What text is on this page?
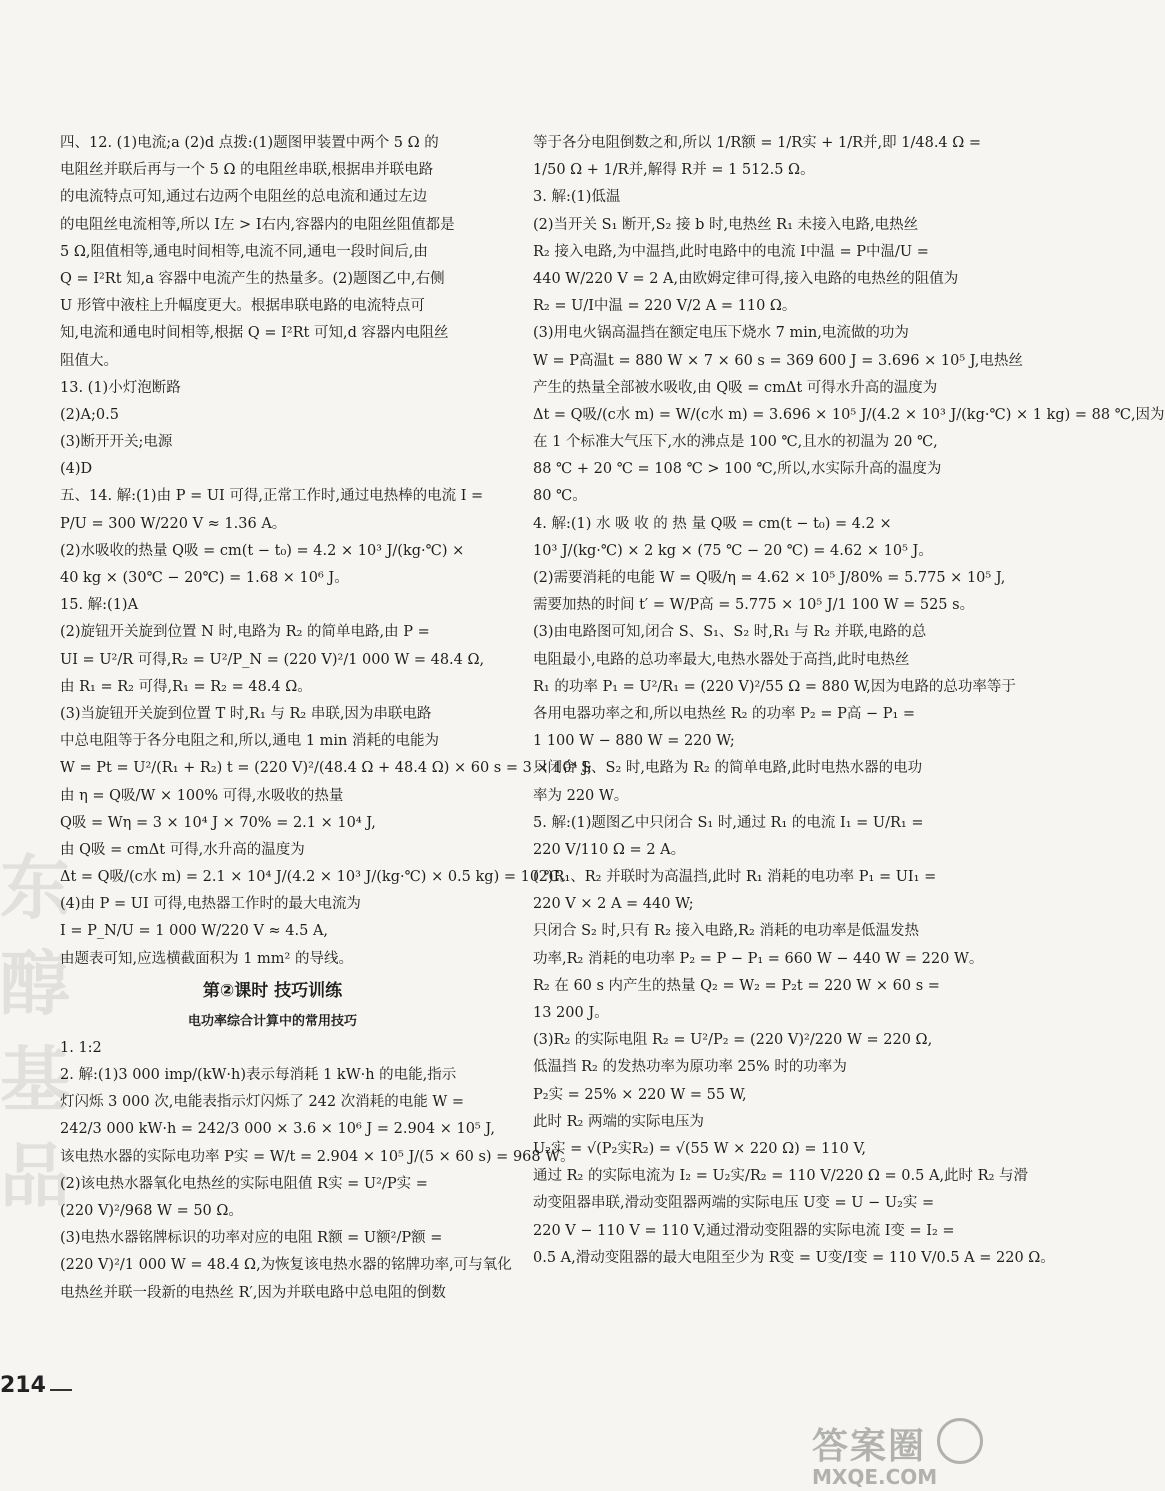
东
醇
基
品
四、12. (1)电流;a (2)d 点拨:(1)题图甲装置中两个 5 Ω 的
电阻丝并联后再与一个 5 Ω 的电阻丝串联,根据串并联电路
的电流特点可知,通过右边两个电阻丝的总电流和通过左边
的电阻丝电流相等,所以 I左 > I右内,容器内的电阻丝阻值都是
5 Ω,阻值相等,通电时间相等,电流不同,通电一段时间后,由
Q = I²Rt 知,a 容器中电流产生的热量多。(2)题图乙中,右侧
U 形管中液柱上升幅度更大。根据串联电路的电流特点可
知,电流和通电时间相等,根据 Q = I²Rt 可知,d 容器内电阻丝
阻值大。
13. (1)小灯泡断路
(2)A;0.5
(3)断开开关;电源
(4)D
五、14. 解:(1)由 P = UI 可得,正常工作时,通过电热棒的电流 I =
P/U = 300 W/220 V ≈ 1.36 A。
(2)水吸收的热量 Q吸 = cm(t − t₀) = 4.2 × 10³ J/(kg·℃) ×
40 kg × (30℃ − 20℃) = 1.68 × 10⁶ J。
15. 解:(1)A
(2)旋钮开关旋到位置 N 时,电路为 R₂ 的简单电路,由 P =
UI = U²/R 可得,R₂ = U²/P_N = (220 V)²/1 000 W = 48.4 Ω,
由 R₁ = R₂ 可得,R₁ = R₂ = 48.4 Ω。
(3)当旋钮开关旋到位置 T 时,R₁ 与 R₂ 串联,因为串联电路
中总电阻等于各分电阻之和,所以,通电 1 min 消耗的电能为
W = Pt = U²/(R₁ + R₂) t = (220 V)²/(48.4 Ω + 48.4 Ω) × 60 s = 3 × 10⁴ J;
由 η = Q吸/W × 100% 可得,水吸收的热量
Q吸 = Wη = 3 × 10⁴ J × 70% = 2.1 × 10⁴ J,
由 Q吸 = cmΔt 可得,水升高的温度为
Δt = Q吸/(c水 m) = 2.1 × 10⁴ J/(4.2 × 10³ J/(kg·℃) × 0.5 kg) = 10 ℃。
(4)由 P = UI 可得,电热器工作时的最大电流为
I = P_N/U = 1 000 W/220 V ≈ 4.5 A,
由题表可知,应选横截面积为 1 mm² 的导线。
第②课时 技巧训练
电功率综合计算中的常用技巧
1. 1:2
2. 解:(1)3 000 imp/(kW·h)表示每消耗 1 kW·h 的电能,指示
灯闪烁 3 000 次,电能表指示灯闪烁了 242 次消耗的电能 W =
242/3 000 kW·h = 242/3 000 × 3.6 × 10⁶ J = 2.904 × 10⁵ J,
该电热水器的实际电功率 P实 = W/t = 2.904 × 10⁵ J/(5 × 60 s) = 968 W。
(2)该电热水器氧化电热丝的实际电阻值 R实 = U²/P实 =
(220 V)²/968 W = 50 Ω。
(3)电热水器铭牌标识的功率对应的电阻 R额 = U额²/P额 =
(220 V)²/1 000 W = 48.4 Ω,为恢复该电热水器的铭牌功率,可与氧化
电热丝并联一段新的电热丝 R′,因为并联电路中总电阻的倒数
等于各分电阻倒数之和,所以 1/R额 = 1/R实 + 1/R并,即 1/48.4 Ω =
1/50 Ω + 1/R并,解得 R并 = 1 512.5 Ω。
3. 解:(1)低温
(2)当开关 S₁ 断开,S₂ 接 b 时,电热丝 R₁ 未接入电路,电热丝
R₂ 接入电路,为中温挡,此时电路中的电流 I中温 = P中温/U =
440 W/220 V = 2 A,由欧姆定律可得,接入电路的电热丝的阻值为
R₂ = U/I中温 = 220 V/2 A = 110 Ω。
(3)用电火锅高温挡在额定电压下烧水 7 min,电流做的功为
W = P高温t = 880 W × 7 × 60 s = 369 600 J = 3.696 × 10⁵ J,电热丝
产生的热量全部被水吸收,由 Q吸 = cmΔt 可得水升高的温度为
Δt = Q吸/(c水 m) = W/(c水 m) = 3.696 × 10⁵ J/(4.2 × 10³ J/(kg·℃) × 1 kg) = 88 ℃,因为
在 1 个标准大气压下,水的沸点是 100 ℃,且水的初温为 20 ℃,
88 ℃ + 20 ℃ = 108 ℃ > 100 ℃,所以,水实际升高的温度为
80 ℃。
4. 解:(1) 水 吸 收 的 热 量 Q吸 = cm(t − t₀) = 4.2 ×
10³ J/(kg·℃) × 2 kg × (75 ℃ − 20 ℃) = 4.62 × 10⁵ J。
(2)需要消耗的电能 W = Q吸/η = 4.62 × 10⁵ J/80% = 5.775 × 10⁵ J,
需要加热的时间 t′ = W/P高 = 5.775 × 10⁵ J/1 100 W = 525 s。
(3)由电路图可知,闭合 S、S₁、S₂ 时,R₁ 与 R₂ 并联,电路的总
电阻最小,电路的总功率最大,电热水器处于高挡,此时电热丝
R₁ 的功率 P₁ = U²/R₁ = (220 V)²/55 Ω = 880 W,因为电路的总功率等于
各用电器功率之和,所以电热丝 R₂ 的功率 P₂ = P高 − P₁ =
1 100 W − 880 W = 220 W;
只闭合 S、S₂ 时,电路为 R₂ 的简单电路,此时电热水器的电功
率为 220 W。
5. 解:(1)题图乙中只闭合 S₁ 时,通过 R₁ 的电流 I₁ = U/R₁ =
220 V/110 Ω = 2 A。
(2)R₁、R₂ 并联时为高温挡,此时 R₁ 消耗的电功率 P₁ = UI₁ =
220 V × 2 A = 440 W;
只闭合 S₂ 时,只有 R₂ 接入电路,R₂ 消耗的电功率是低温发热
功率,R₂ 消耗的电功率 P₂ = P − P₁ = 660 W − 440 W = 220 W。
R₂ 在 60 s 内产生的热量 Q₂ = W₂ = P₂t = 220 W × 60 s =
13 200 J。
(3)R₂ 的实际电阻 R₂ = U²/P₂ = (220 V)²/220 W = 220 Ω,
低温挡 R₂ 的发热功率为原功率 25% 时的功率为
P₂实 = 25% × 220 W = 55 W,
此时 R₂ 两端的实际电压为
U₂实 = √(P₂实R₂) = √(55 W × 220 Ω) = 110 V,
通过 R₂ 的实际电流为 I₂ = U₂实/R₂ = 110 V/220 Ω = 0.5 A,此时 R₂ 与滑
动变阻器串联,滑动变阻器两端的实际电压 U变 = U − U₂实 =
220 V − 110 V = 110 V,通过滑动变阻器的实际电流 I变 = I₂ =
0.5 A,滑动变阻器的最大电阻至少为 R变 = U变/I变 = 110 V/0.5 A = 220 Ω。
214
答案圈
MXQE.COM
